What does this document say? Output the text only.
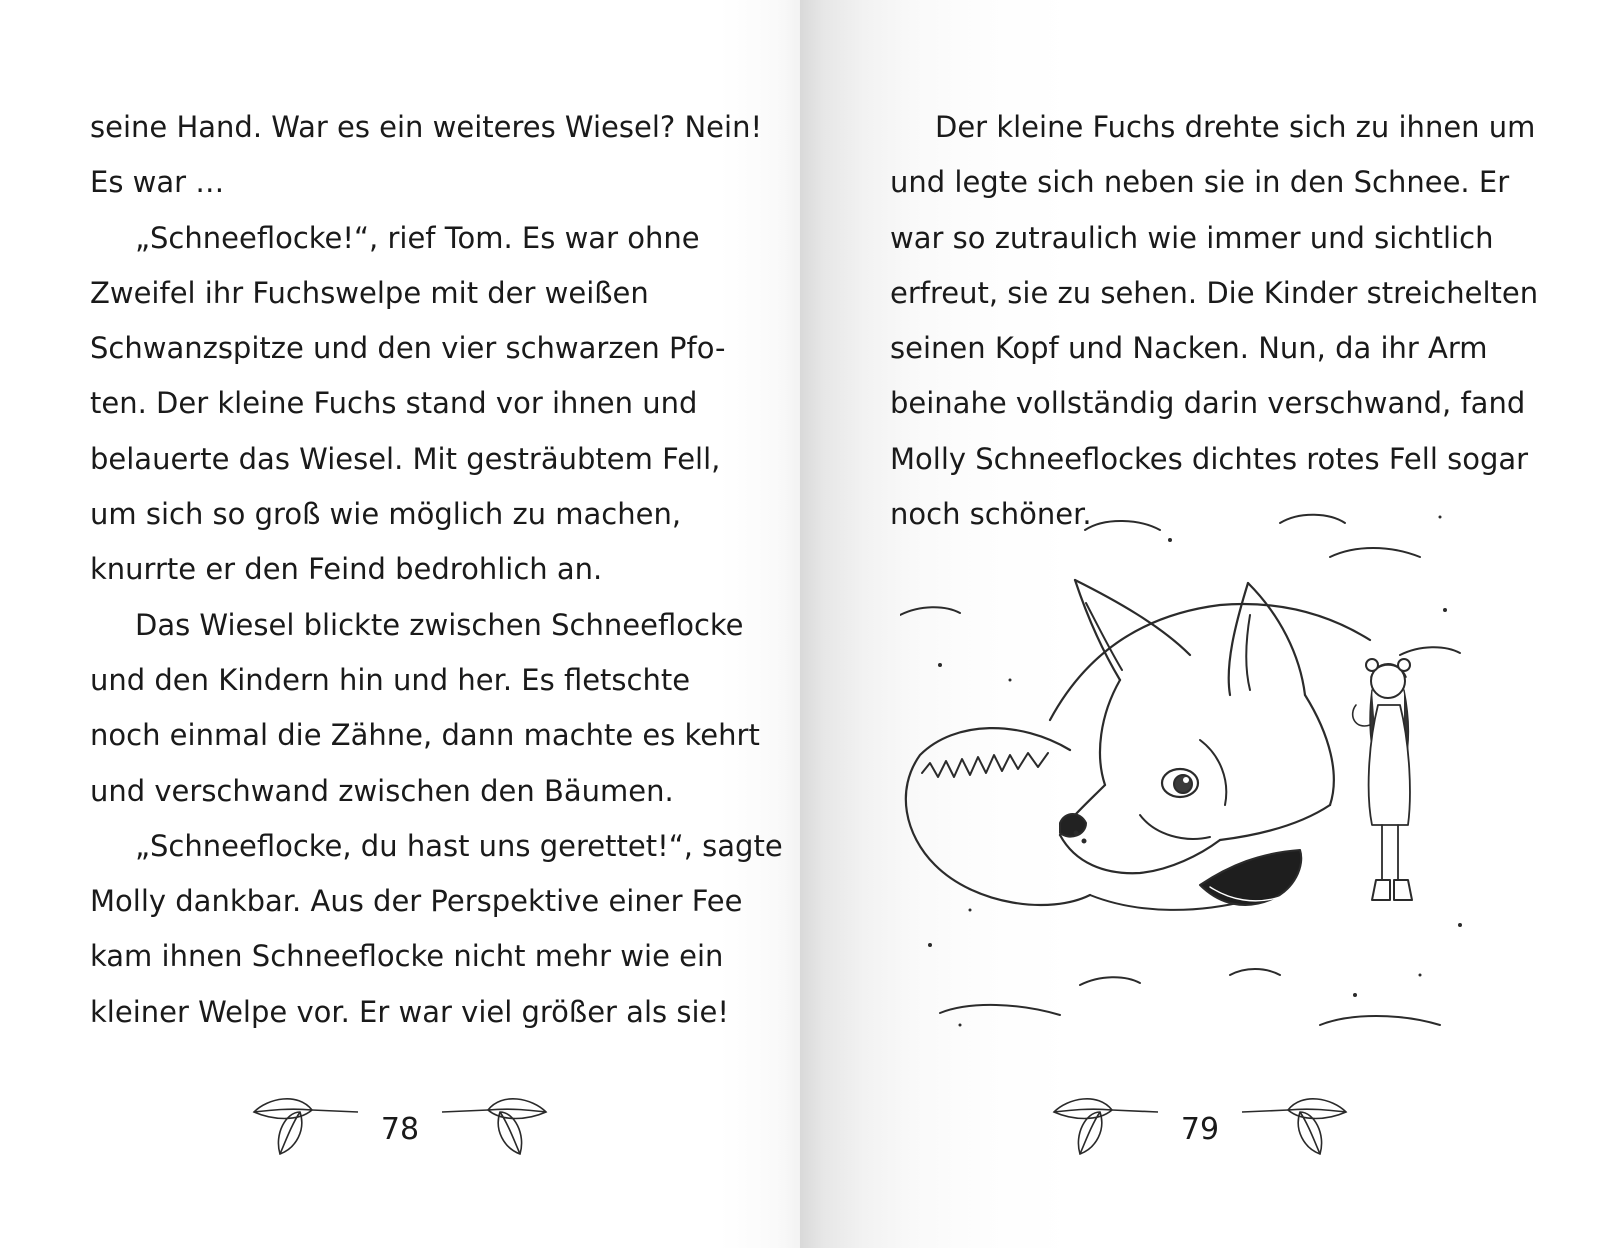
seine Hand. War es ein weiteres Wiesel? Nein!
Es war …

„Schneeflocke!“, rief Tom. Es war ohne
Zweifel ihr Fuchswelpe mit der weißen
Schwanzspitze und den vier schwarzen Pfo-
ten. Der kleine Fuchs stand vor ihnen und
belauerte das Wiesel. Mit gesträubtem Fell,
um sich so groß wie möglich zu machen,
knurrte er den Feind bedrohlich an.

Das Wiesel blickte zwischen Schneeflocke
und den Kindern hin und her. Es fletschte
noch einmal die Zähne, dann machte es kehrt
und verschwand zwischen den Bäumen.

„Schneeflocke, du hast uns gerettet!“, sagte
Molly dankbar. Aus der Perspektive einer Fee
kam ihnen Schneeflocke nicht mehr wie ein
kleiner Welpe vor. Er war viel größer als sie!

78

Der kleine Fuchs drehte sich zu ihnen um
und legte sich neben sie in den Schnee. Er
war so zutraulich wie immer und sichtlich
erfreut, sie zu sehen. Die Kinder streichelten
seinen Kopf und Nacken. Nun, da ihr Arm
beinahe vollständig darin verschwand, fand
Molly Schneeflockes dichtes rotes Fell sogar
noch schöner.

79
